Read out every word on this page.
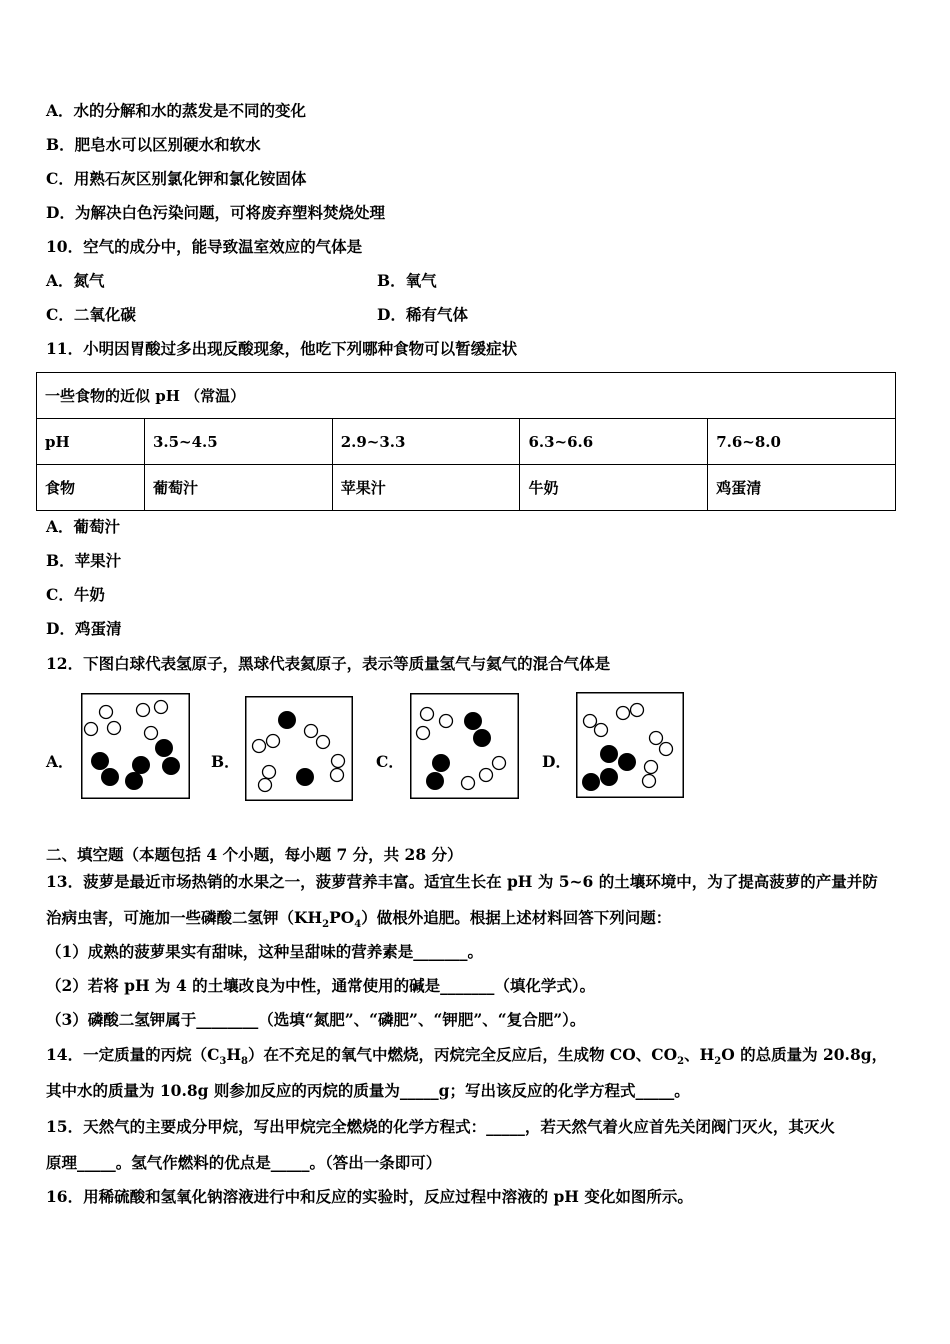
A．水的分解和水的蒸发是不同的变化
B．肥皂水可以区别硬水和软水
C．用熟石灰区别氯化钾和氯化铵固体
D．为解决白色污染问题，可将废弃塑料焚烧处理
10．空气的成分中，能导致温室效应的气体是
A．氮气	B．氧气
C．二氧化碳	D．稀有气体
11．小明因胃酸过多出现反酸现象，他吃下列哪种食物可以暂缓症状
一些食物的近似 pH （常温）				
pH	3.5~4.5	2.9~3.3	6.3~6.6	7.6~8.0
食物	葡萄汁	苹果汁	牛奶	鸡蛋清
A．葡萄汁
B．苹果汁
C．牛奶
D．鸡蛋清
12．下图白球代表氢原子，黑球代表氦原子，表示等质量氢气与氦气的混合气体是
A．	B．	C．	D．
二、填空题（本题包括 4 个小题，每小题 7 分，共 28 分）
13．菠萝是最近市场热销的水果之一，菠萝营养丰富。适宜生长在 pH 为 5~6 的土壤环境中，为了提高菠萝的产量并防
治病虫害，可施加一些磷酸二氢钾$(KH_2PO_4)$做根外追肥。根据上述材料回答下列问题：
（1）成熟的菠萝果实有甜味，这种呈甜味的营养素是_______。
（2）若将 pH 为 4 的土壤改良为中性，通常使用的碱是_______（填化学式）。
（3）磷酸二氢钾属于________（选填“氮肥”、“磷肥”、“钾肥”、“复合肥”）。
14．一定质量的丙烷$(C_3H_8)$在不充足的氧气中燃烧，丙烷完全反应后，生成物 CO、$CO_2$、$H_2O$ 的总质量为 20.8g，
其中水的质量为 10.8g 则参加反应的丙烷的质量为_____g；写出该反应的化学方程式_____。
15．天然气的主要成分甲烷，写出甲烷完全燃烧的化学方程式：_____，若天然气着火应首先关闭阀门灭火，其灭火
原理_____。氢气作燃料的优点是_____。（答出一条即可）
16．用稀硫酸和氢氧化钠溶液进行中和反应的实验时，反应过程中溶液的 pH 变化如图所示。
